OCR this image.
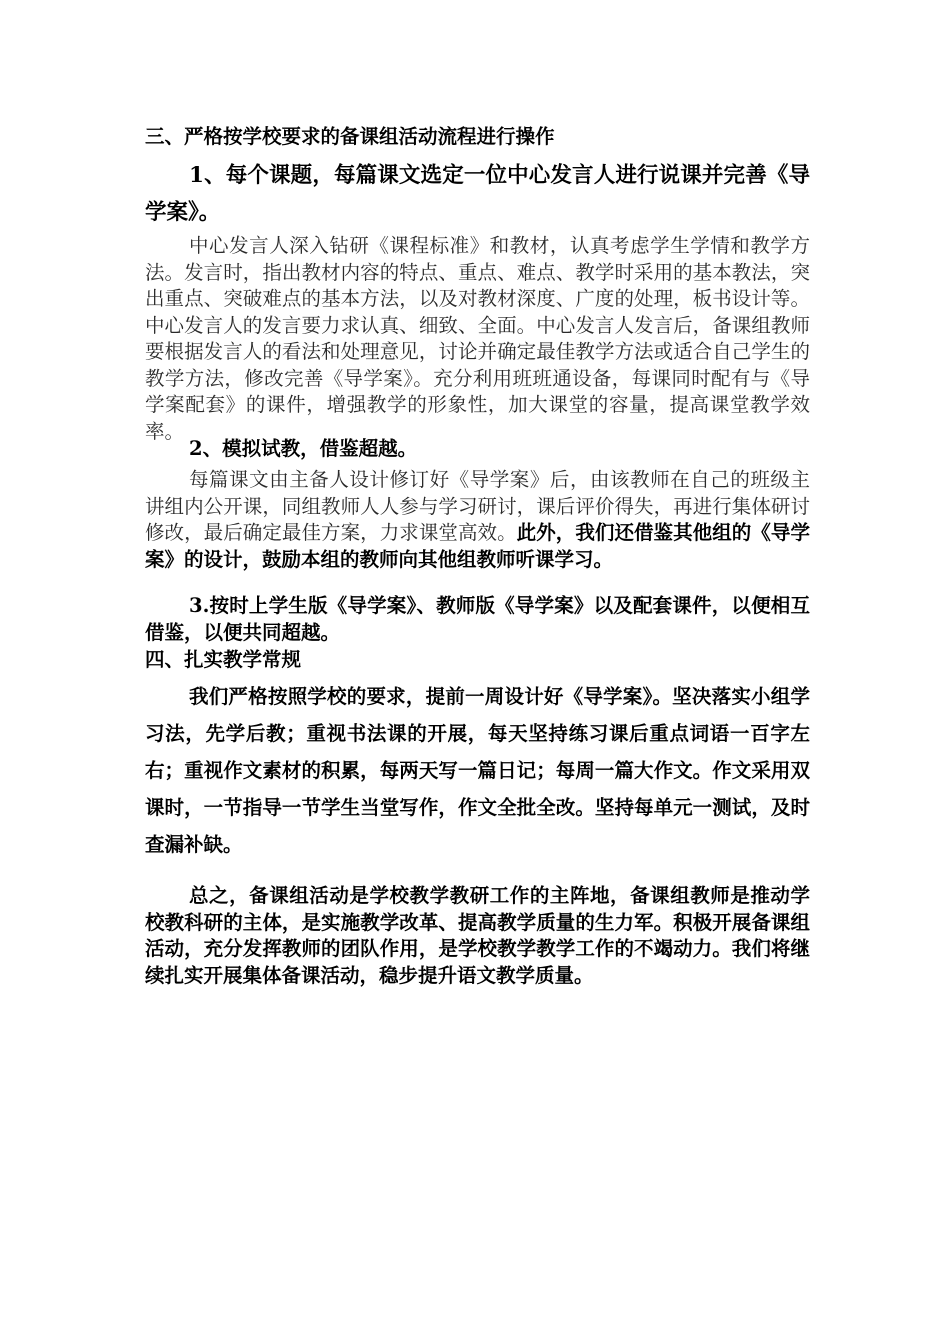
三、严格按学校要求的备课组活动流程进行操作

1、每个课题，每篇课文选定一位中心发言人进行说课并完善《导学案》。

中心发言人深入钻研《课程标准》和教材，认真考虑学生学情和教学方法。发言时，指出教材内容的特点、重点、难点、教学时采用的基本教法，突出重点、突破难点的基本方法，以及对教材深度、广度的处理，板书设计等。中心发言人的发言要力求认真、细致、全面。中心发言人发言后，备课组教师要根据发言人的看法和处理意见，讨论并确定最佳教学方法或适合自己学生的教学方法，修改完善《导学案》。充分利用班班通设备，每课同时配有与《导学案配套》的课件，增强教学的形象性，加大课堂的容量，提高课堂教学效率。

2、模拟试教，借鉴超越。

每篇课文由主备人设计修订好《导学案》后，由该教师在自己的班级主讲组内公开课，同组教师人人参与学习研讨，课后评价得失，再进行集体研讨修改，最后确定最佳方案，力求课堂高效。此外，我们还借鉴其他组的《导学案》的设计，鼓励本组的教师向其他组教师听课学习。

3.按时上学生版《导学案》、教师版《导学案》以及配套课件，以便相互借鉴，以便共同超越。

四、扎实教学常规

我们严格按照学校的要求，提前一周设计好《导学案》。坚决落实小组学习法，先学后教；重视书法课的开展，每天坚持练习课后重点词语一百字左右；重视作文素材的积累，每两天写一篇日记；每周一篇大作文。作文采用双课时，一节指导一节学生当堂写作，作文全批全改。坚持每单元一测试，及时查漏补缺。

总之，备课组活动是学校教学教研工作的主阵地，备课组教师是推动学校教科研的主体，是实施教学改革、提高教学质量的生力军。积极开展备课组活动，充分发挥教师的团队作用，是学校教学教学工作的不竭动力。我们将继续扎实开展集体备课活动，稳步提升语文教学质量。
